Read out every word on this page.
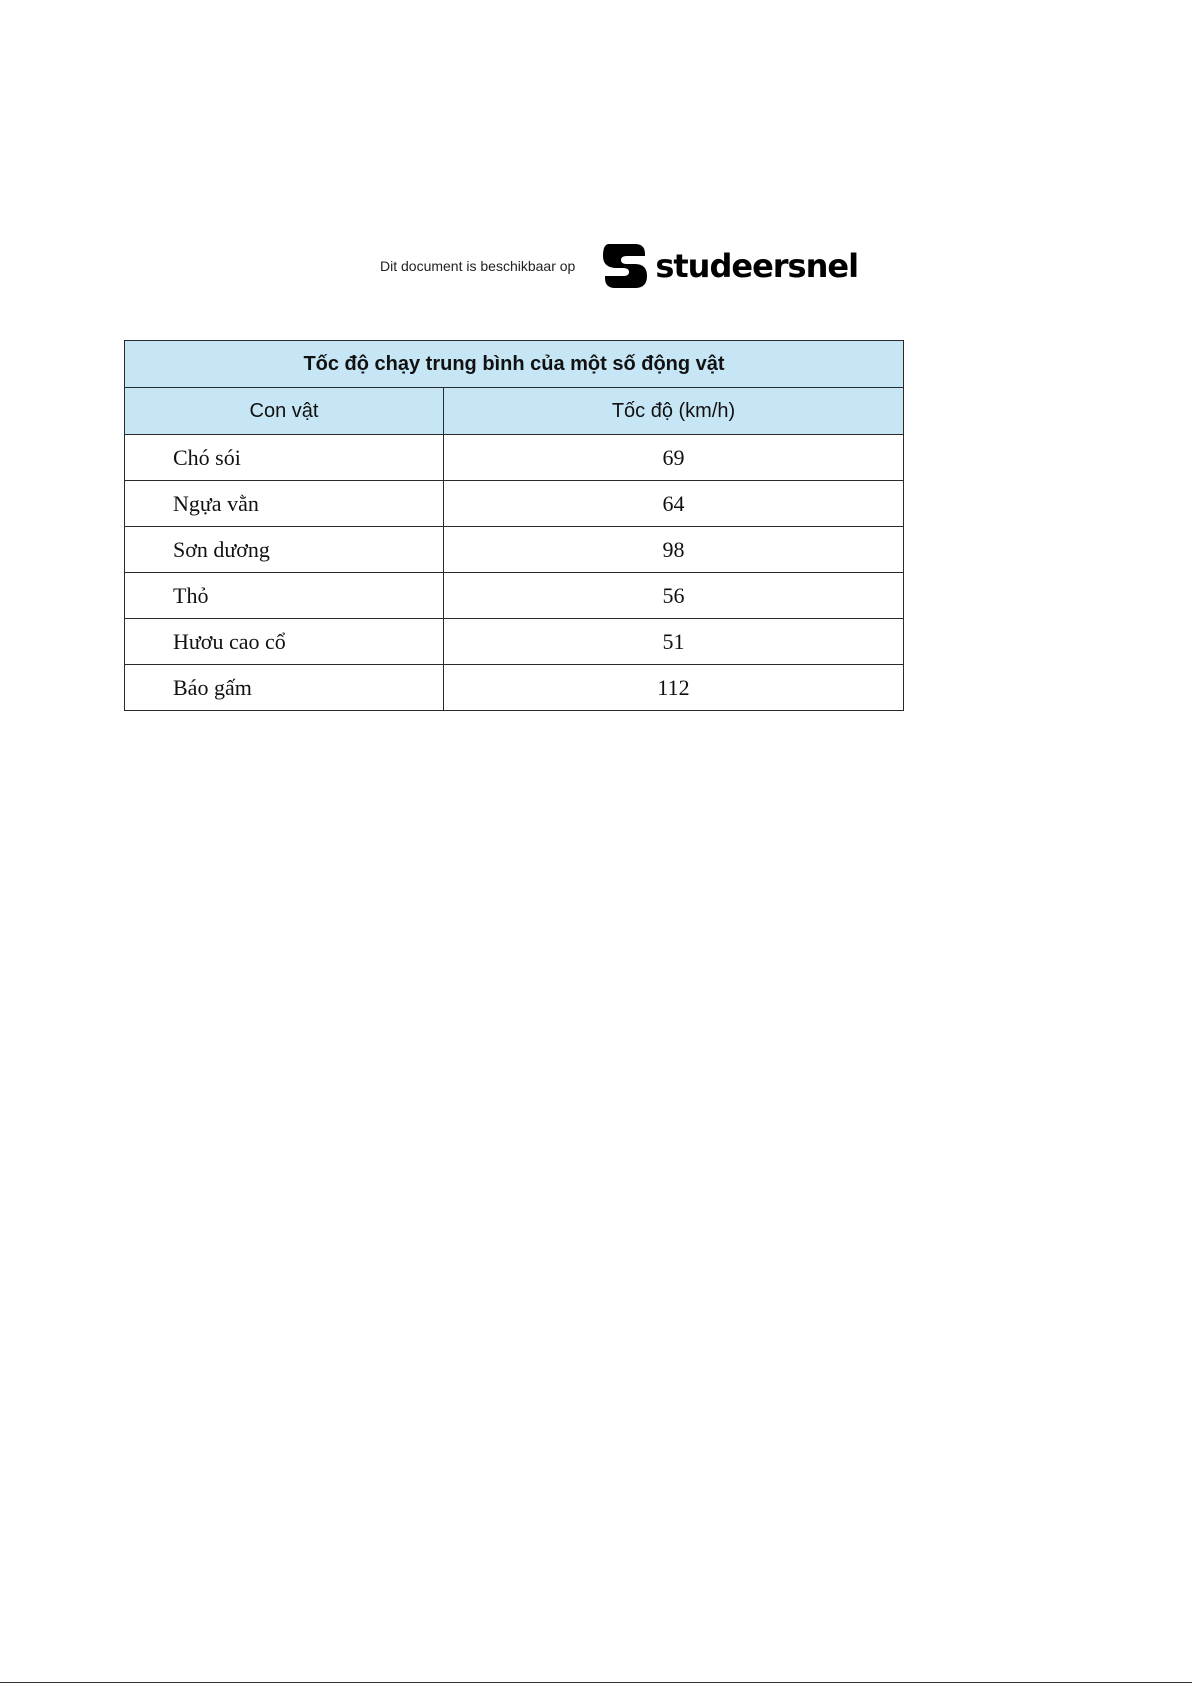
Dit document is beschikbaar op	studeersnel
Tốc độ chạy trung bình của một số động vật	
Con vật	Tốc độ (km/h)
Chó sói	69
Ngựa vằn	64
Sơn dương	98
Thỏ	56
Hươu cao cổ	51
Báo gấm	112
